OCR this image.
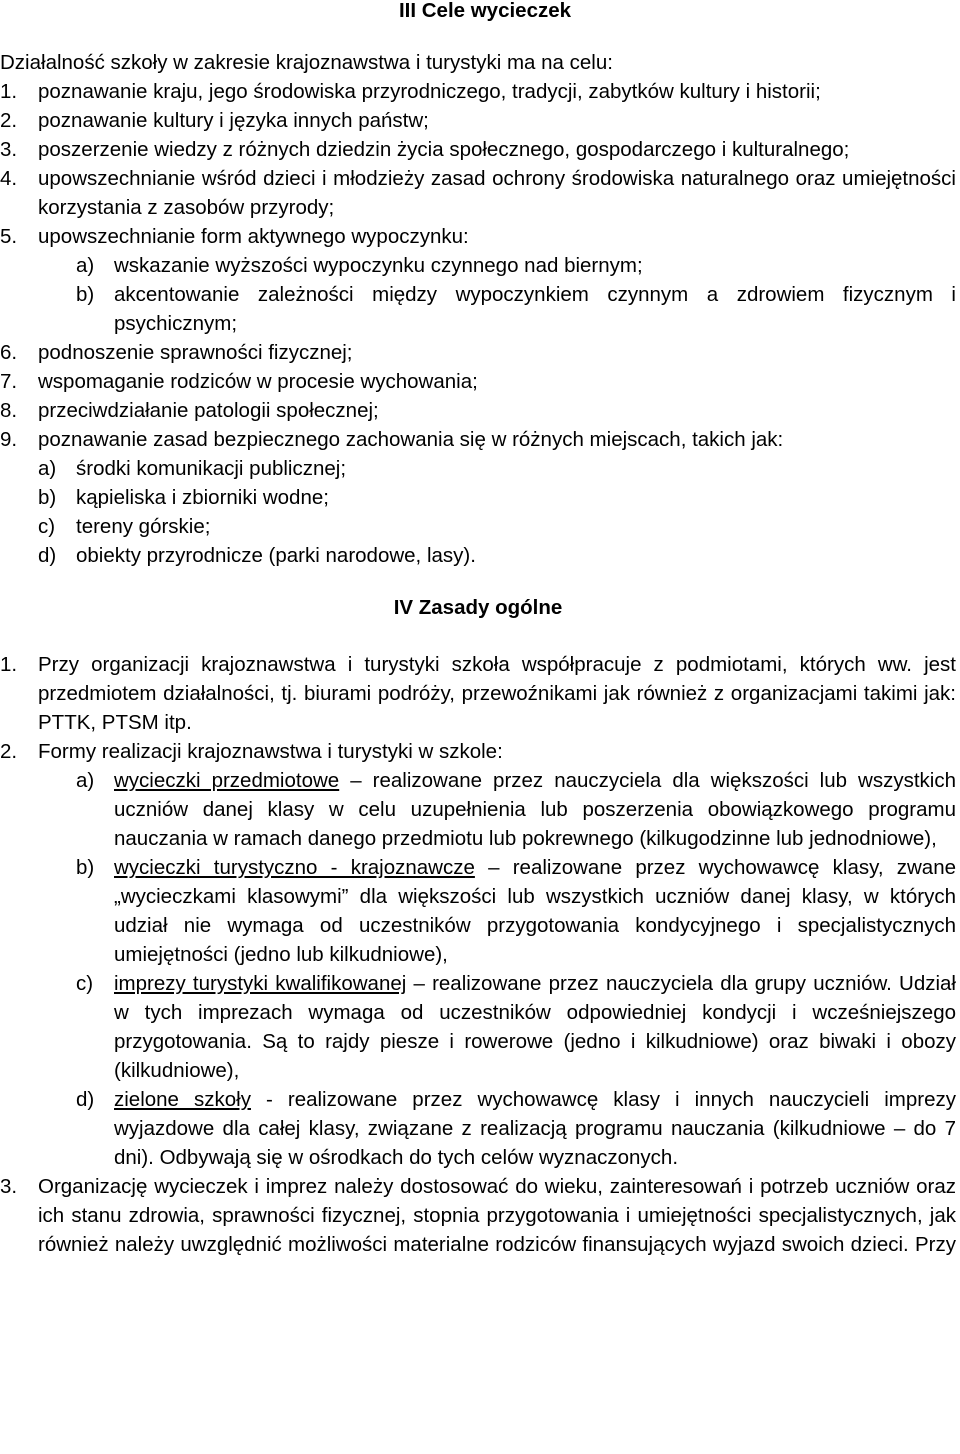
III Cele wycieczek

Działalność szkoły w zakresie krajoznawstwa i turystyki ma na celu:

1. poznawanie kraju, jego środowiska przyrodniczego, tradycji, zabytków kultury i historii;
2. poznawanie kultury i języka innych państw;
3. poszerzenie wiedzy z różnych dziedzin życia społecznego, gospodarczego i kulturalnego;
4. upowszechnianie wśród dzieci i młodzieży zasad ochrony środowiska naturalnego oraz umiejętności korzystania z zasobów przyrody;
5. upowszechnianie form aktywnego wypoczynku:
a) wskazanie wyższości wypoczynku czynnego nad biernym;
b) akcentowanie zależności między wypoczynkiem czynnym a zdrowiem fizycznym i psychicznym;
6. podnoszenie sprawności fizycznej;
7. wspomaganie rodziców w procesie wychowania;
8. przeciwdziałanie patologii społecznej;
9. poznawanie zasad bezpiecznego zachowania się w różnych miejscach, takich jak:
a) środki komunikacji publicznej;
b) kąpieliska i zbiorniki wodne;
c) tereny górskie;
d) obiekty przyrodnicze (parki narodowe, lasy).

IV Zasady ogólne

1. Przy organizacji krajoznawstwa i turystyki szkoła współpracuje z podmiotami, których ww. jest przedmiotem działalności, tj. biurami podróży, przewoźnikami jak również z organizacjami takimi jak: PTTK, PTSM itp.
2. Formy realizacji krajoznawstwa i turystyki w szkole:
a) wycieczki przedmiotowe – realizowane przez nauczyciela dla większości lub wszystkich uczniów danej klasy w celu uzupełnienia lub poszerzenia obowiązkowego programu nauczania w ramach danego przedmiotu lub pokrewnego (kilkugodzinne lub jednodniowe),
b) wycieczki turystyczno - krajoznawcze – realizowane przez wychowawcę klasy, zwane „wycieczkami klasowymi” dla większości lub wszystkich uczniów danej klasy, w których udział nie wymaga od uczestników przygotowania kondycyjnego i specjalistycznych umiejętności (jedno lub kilkudniowe),
c) imprezy turystyki kwalifikowanej – realizowane przez nauczyciela dla grupy uczniów. Udział w tych imprezach wymaga od uczestników odpowiedniej kondycji i wcześniejszego przygotowania. Są to rajdy piesze i rowerowe (jedno i kilkudniowe) oraz biwaki i obozy (kilkudniowe),
d) zielone szkoły - realizowane przez wychowawcę klasy i innych nauczycieli imprezy wyjazdowe dla całej klasy, związane z realizacją programu nauczania (kilkudniowe – do 7 dni). Odbywają się w ośrodkach do tych celów wyznaczonych.
3. Organizację wycieczek i imprez należy dostosować do wieku, zainteresowań i potrzeb uczniów oraz ich stanu zdrowia, sprawności fizycznej, stopnia przygotowania i umiejętności specjalistycznych, jak również należy uwzględnić możliwości materialne rodziców finansujących wyjazd swoich dzieci. Przy
